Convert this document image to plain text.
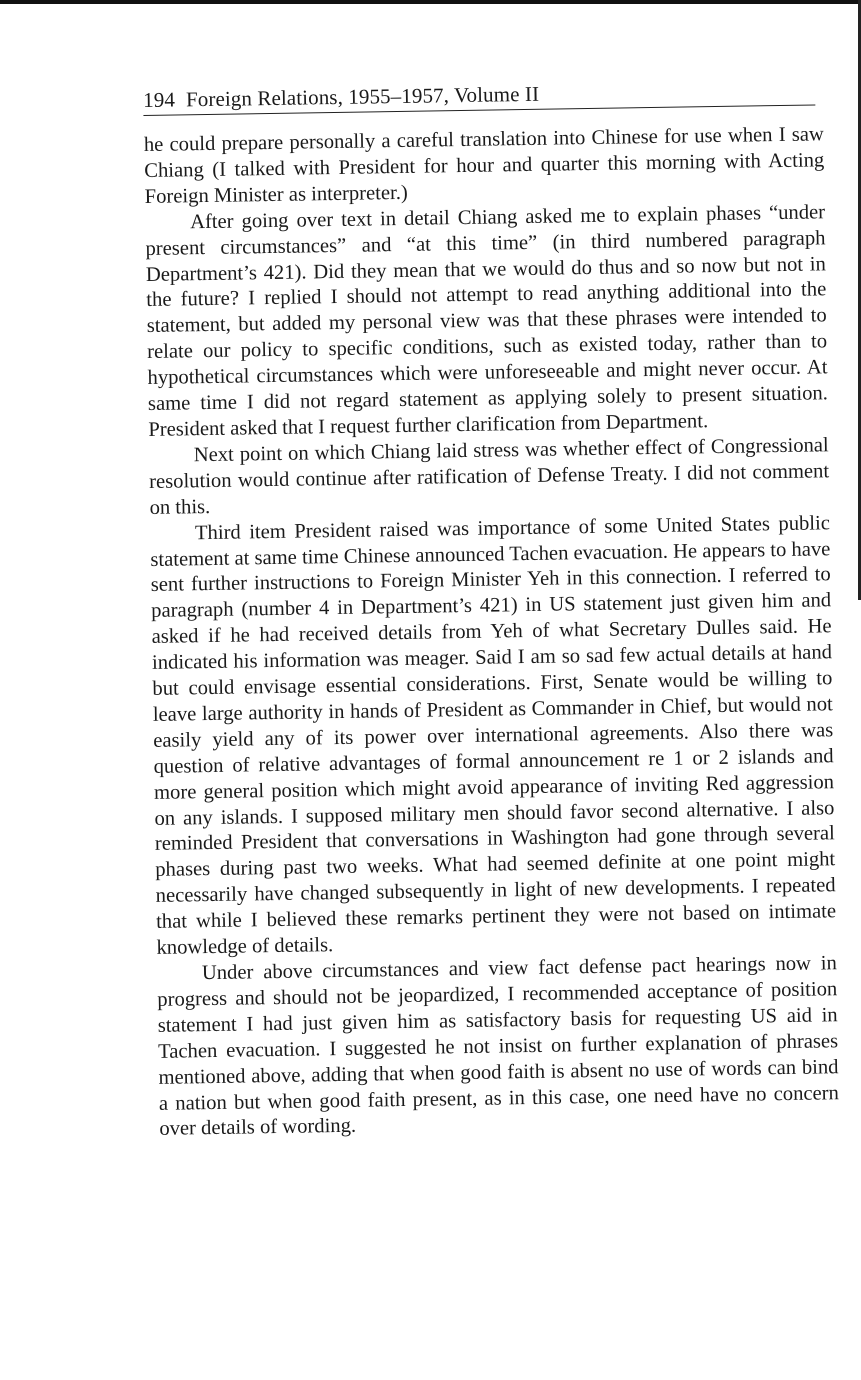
194 Foreign Relations, 1955–1957, Volume II

he could prepare personally a careful translation into Chinese for use when I saw Chiang (I talked with President for hour and quarter this morning with Acting Foreign Minister as interpreter.)

After going over text in detail Chiang asked me to explain phases “under present circumstances” and “at this time” (in third numbered paragraph Department’s 421). Did they mean that we would do thus and so now but not in the future? I replied I should not attempt to read anything additional into the statement, but added my personal view was that these phrases were intended to relate our policy to specific conditions, such as existed today, rather than to hypothetical circumstances which were unforeseeable and might never occur. At same time I did not regard statement as applying solely to present situation. President asked that I request further clarification from Department.

Next point on which Chiang laid stress was whether effect of Congressional resolution would continue after ratification of Defense Treaty. I did not comment on this.

Third item President raised was importance of some United States public statement at same time Chinese announced Tachen evacuation. He appears to have sent further instructions to Foreign Minister Yeh in this connection. I referred to paragraph (number 4 in Department’s 421) in US statement just given him and asked if he had received details from Yeh of what Secretary Dulles said. He indicated his information was meager. Said I am so sad few actual details at hand but could envisage essential considerations. First, Senate would be willing to leave large authority in hands of President as Commander in Chief, but would not easily yield any of its power over international agreements. Also there was question of relative advantages of formal announcement re 1 or 2 islands and more general position which might avoid appearance of inviting Red aggression on any islands. I supposed military men should favor second alternative. I also reminded President that conversations in Washington had gone through several phases during past two weeks. What had seemed definite at one point might necessarily have changed subsequently in light of new developments. I repeated that while I believed these remarks pertinent they were not based on intimate knowledge of details.

Under above circumstances and view fact defense pact hearings now in progress and should not be jeopardized, I recommended acceptance of position statement I had just given him as satisfactory basis for requesting US aid in Tachen evacuation. I suggested he not insist on further explanation of phrases mentioned above, adding that when good faith is absent no use of words can bind a nation but when good faith present, as in this case, one need have no concern over details of wording.
